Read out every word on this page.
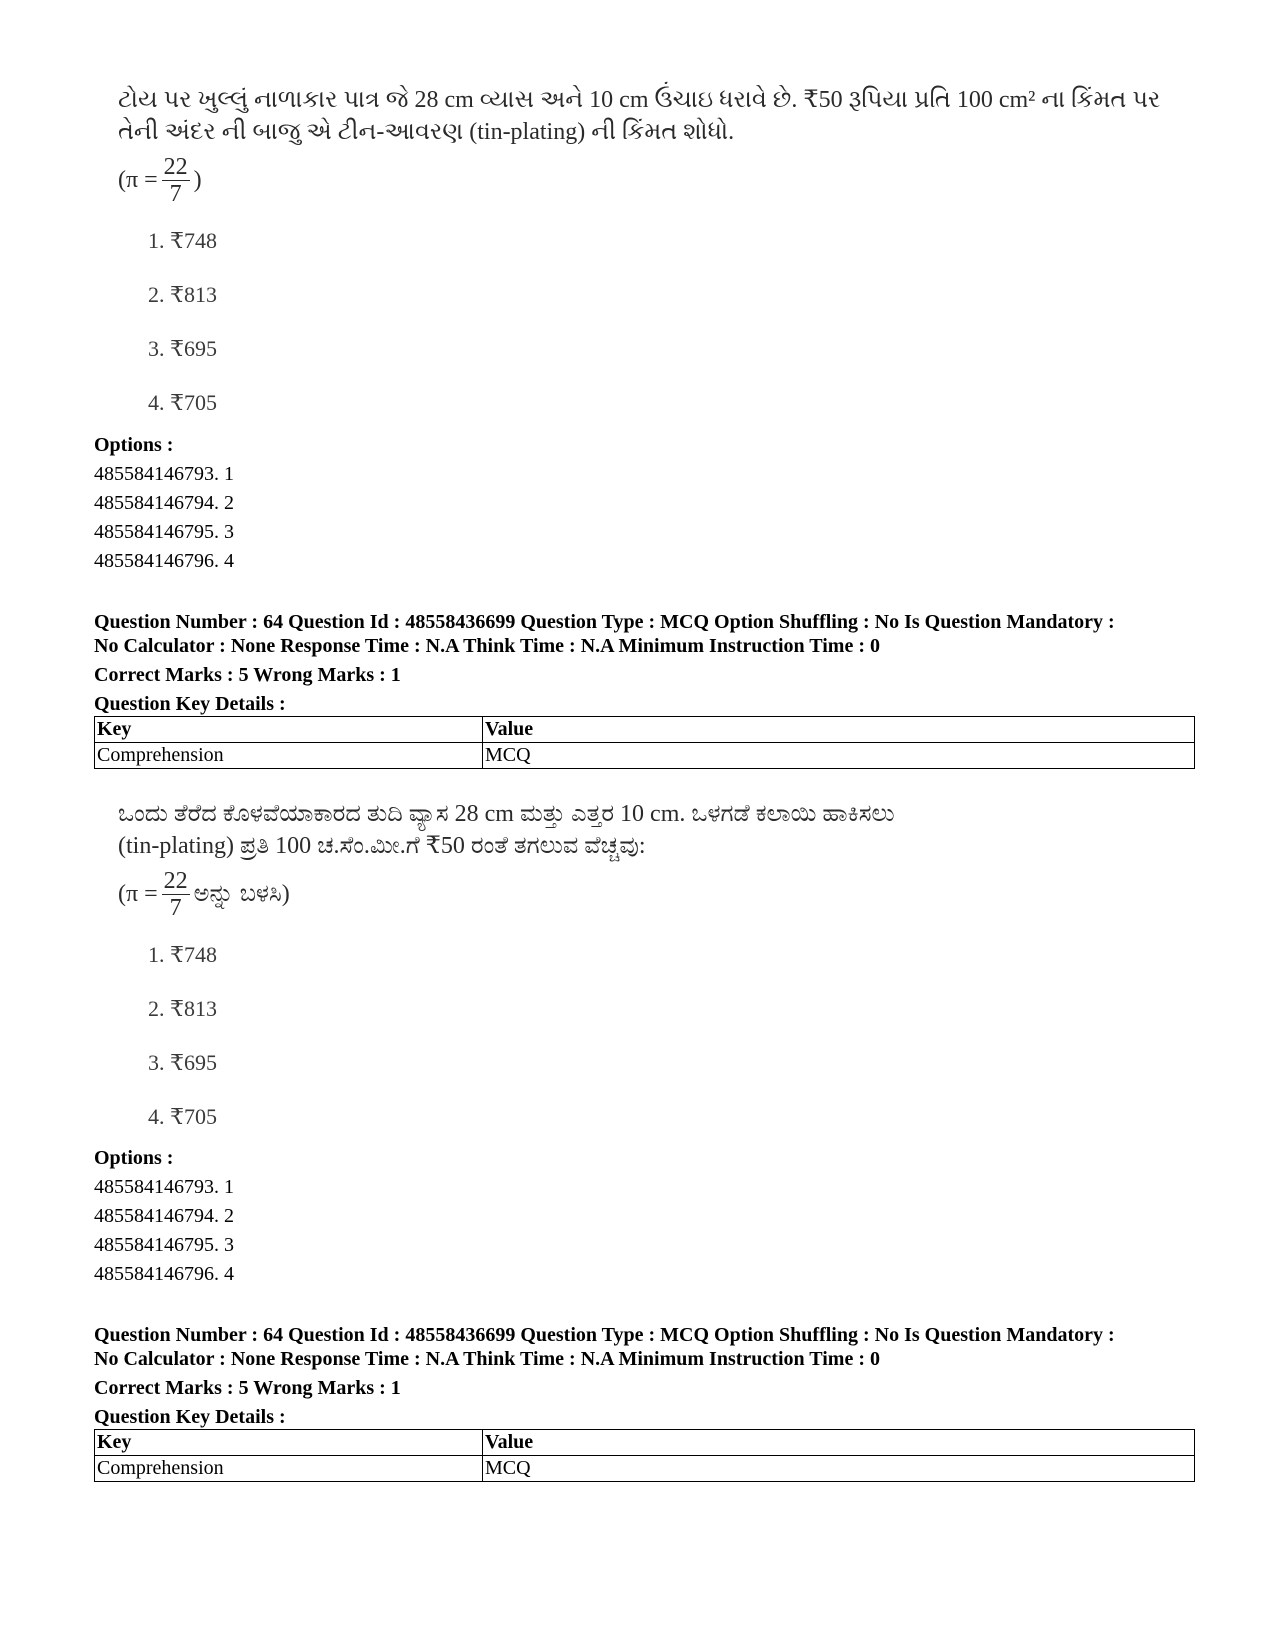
ટોય પર ખુલ્લું નાળાકાર પાત્ર જે 28 cm વ્યાસ અને 10 cm ઉંચાઇ ધરાવે છે. ₹50 રૂપિયા પ્રતિ 100 cm² ના કિંમત પર
તેની અંદર ની બાજુ એ ટીન-આવરણ (tin-plating) ની કિંમત શોધો.
($\pi = \frac{22}{7}$ )
1. ₹748
2. ₹813
3. ₹695
4. ₹705
Options :
485584146793. 1
485584146794. 2
485584146795. 3
485584146796. 4
Question Number : 64 Question Id : 48558436699 Question Type : MCQ Option Shuffling : No Is Question Mandatory :
No Calculator : None Response Time : N.A Think Time : N.A Minimum Instruction Time : 0
Correct Marks : 5 Wrong Marks : 1
Question Key Details :
Key	Value
Comprehension	MCQ
ಒಂದು ತೆರೆದ ಕೊಳವೆಯಾಕಾರದ ತುದಿ ವ್ಯಾಸ 28 cm ಮತ್ತು ಎತ್ತರ 10 cm. ಒಳಗಡೆ ಕಲಾಯಿ ಹಾಕಿಸಲು
(tin-plating) ಪ್ರತಿ 100 ಚ.ಸೆಂ.ಮೀ.ಗೆ ₹50 ರಂತೆ ತಗಲುವ ವೆಚ್ಚವು:
($\pi = \frac{22}{7}$ ಅನ್ನು ಬಳಸಿ)
1. ₹748
2. ₹813
3. ₹695
4. ₹705
Options :
485584146793. 1
485584146794. 2
485584146795. 3
485584146796. 4
Question Number : 64 Question Id : 48558436699 Question Type : MCQ Option Shuffling : No Is Question Mandatory :
No Calculator : None Response Time : N.A Think Time : N.A Minimum Instruction Time : 0
Correct Marks : 5 Wrong Marks : 1
Question Key Details :
Key	Value
Comprehension	MCQ
